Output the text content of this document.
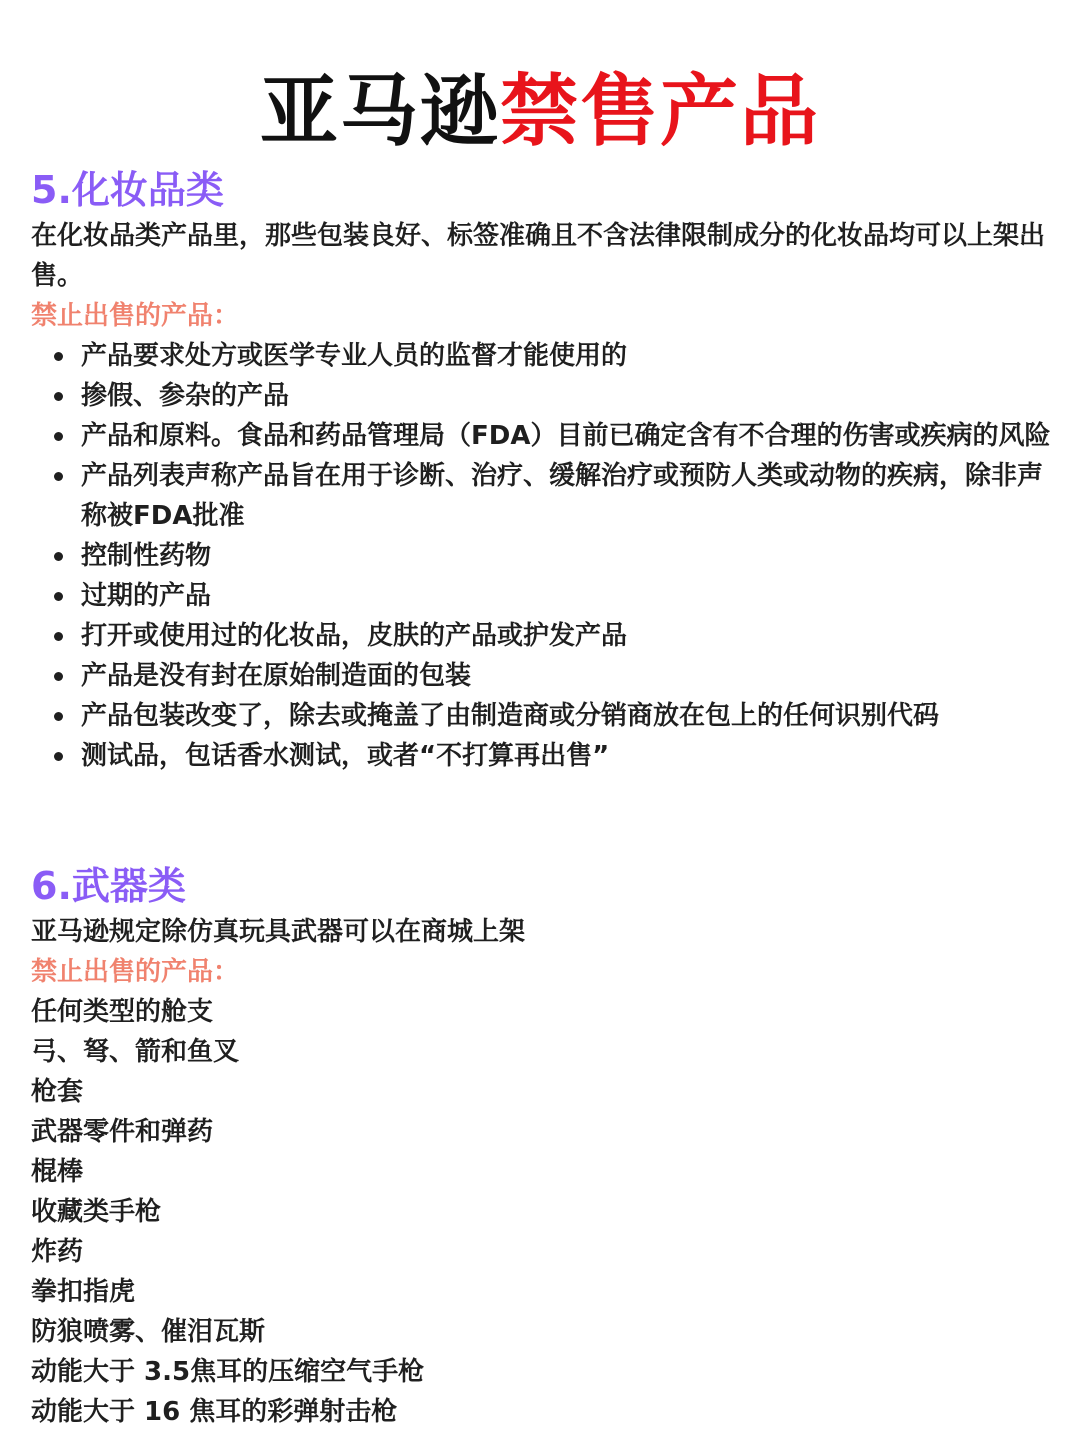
亚马逊禁售产品
5.化妆品类
在化妆品类产品里，那些包装良好、标签准确且不含法律限制成分的化妆品均可以上架出售。
禁止出售的产品：
产品要求处方或医学专业人员的监督才能使用的
掺假、参杂的产品
产品和原料。食品和药品管理局（FDA）目前已确定含有不合理的伤害或疾病的风险
产品列表声称产品旨在用于诊断、治疗、缓解治疗或预防人类或动物的疾病，除非声称被FDA批准
控制性药物
过期的产品
打开或使用过的化妆品，皮肤的产品或护发产品
产品是没有封在原始制造面的包装
产品包装改变了，除去或掩盖了由制造商或分销商放在包上的任何识别代码
测试品，包话香水测试，或者“不打算再出售”
6.武器类
亚马逊规定除仿真玩具武器可以在商城上架
禁止出售的产品：
任何类型的舱支
弓、弩、箭和鱼叉
枪套
武器零件和弹药
棍棒
收藏类手枪
炸药
拳扣指虎
防狼喷雾、催泪瓦斯
动能大于 3.5焦耳的压缩空气手枪
动能大于 16 焦耳的彩弹射击枪
